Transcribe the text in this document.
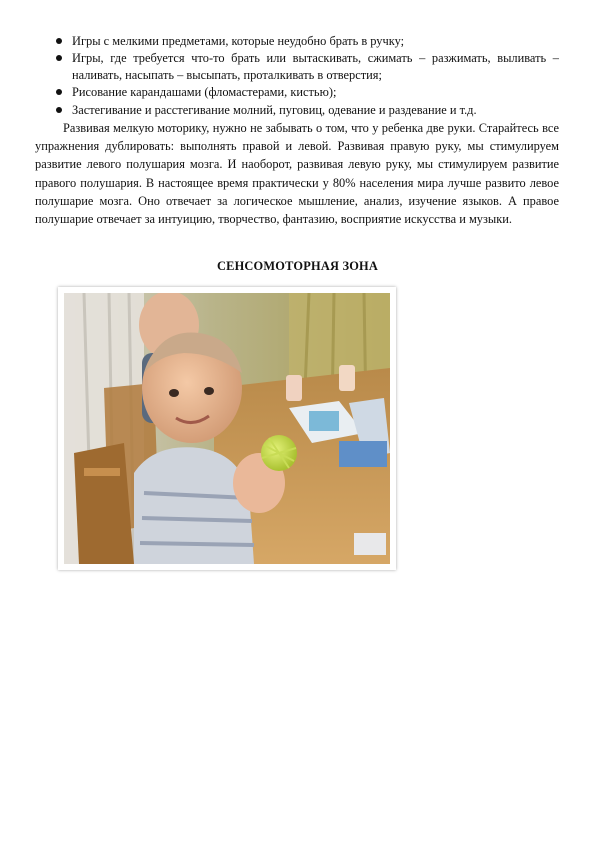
Игры с мелкими предметами, которые неудобно брать в ручку;
Игры, где требуется что-то брать или вытаскивать, сжимать – разжимать, выливать – наливать, насыпать – высыпать, проталкивать в отверстия;
Рисование карандашами (фломастерами, кистью);
Застегивание и расстегивание молний, пуговиц, одевание и раздевание и т.д.

Развивая мелкую моторику, нужно не забывать о том, что у ребенка две руки. Старайтесь все упражнения дублировать: выполнять правой и левой. Развивая правую руку, мы стимулируем развитие левого полушария мозга. И наоборот, развивая левую руку, мы стимулируем развитие правого полушария. В настоящее время практически у 80% населения мира лучше развито левое полушарие мозга. Оно отвечает за логическое мышление, анализ, изучение языков. А правое полушарие отвечает за интуицию, творчество, фантазию, восприятие искусства и музыки.

СЕНСОМОТОРНАЯ ЗОНА
